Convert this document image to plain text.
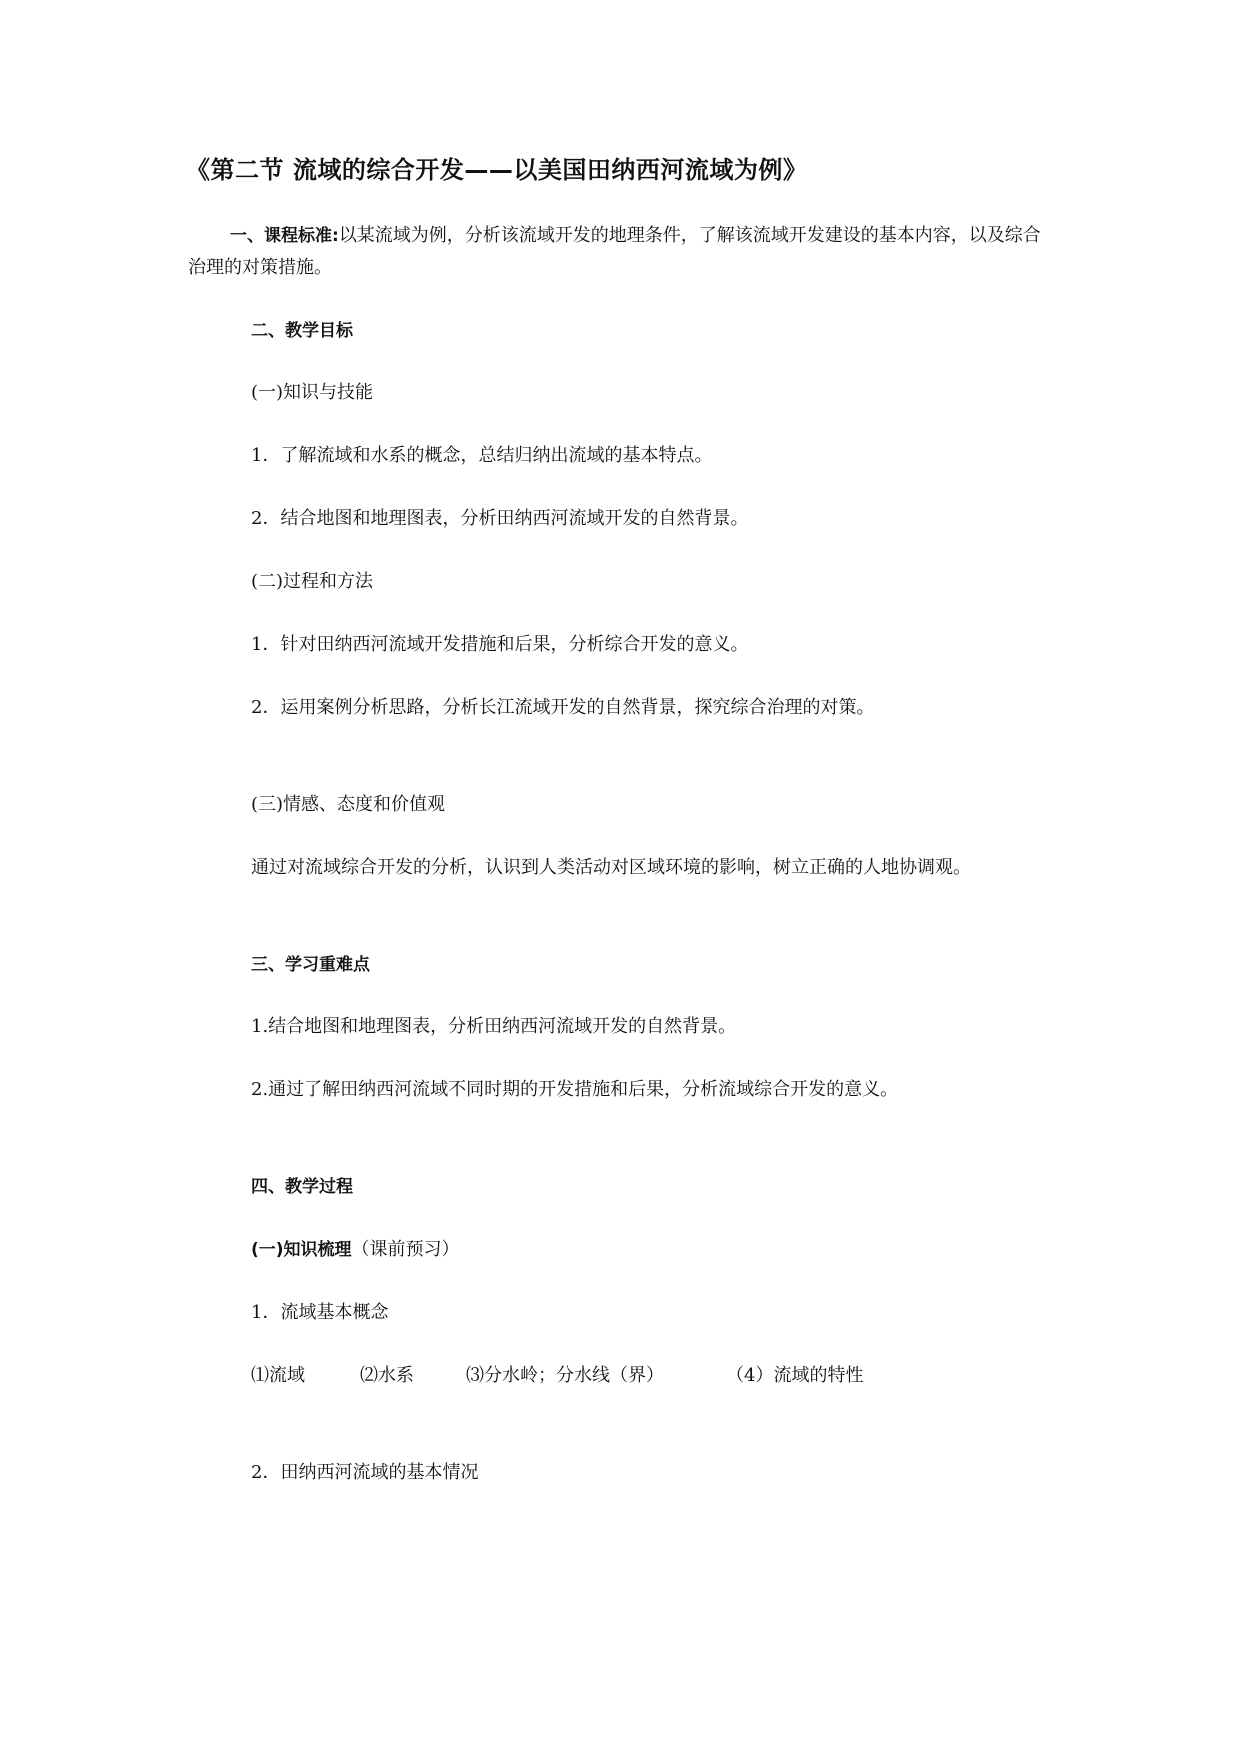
《第二节 流域的综合开发——以美国田纳西河流域为例》
一、课程标准:以某流域为例，分析该流域开发的地理条件，了解该流域开发建设的基本内容，以及综合治理的对策措施。
二、教学目标
(一)知识与技能
1．了解流域和水系的概念，总结归纳出流域的基本特点。
2．结合地图和地理图表，分析田纳西河流域开发的自然背景。
(二)过程和方法
1．针对田纳西河流域开发措施和后果，分析综合开发的意义。
2．运用案例分析思路，分析长江流域开发的自然背景，探究综合治理的对策。
(三)情感、态度和价值观
通过对流域综合开发的分析，认识到人类活动对区域环境的影响，树立正确的人地协调观。
三、学习重难点
1.结合地图和地理图表，分析田纳西河流域开发的自然背景。
2.通过了解田纳西河流域不同时期的开发措施和后果，分析流域综合开发的意义。
四、教学过程
(一)知识梳理（课前预习）
1．流域基本概念
⑴流域	⑵水系	⑶分水岭；分水线（界）	（4）流域的特性
2．田纳西河流域的基本情况
